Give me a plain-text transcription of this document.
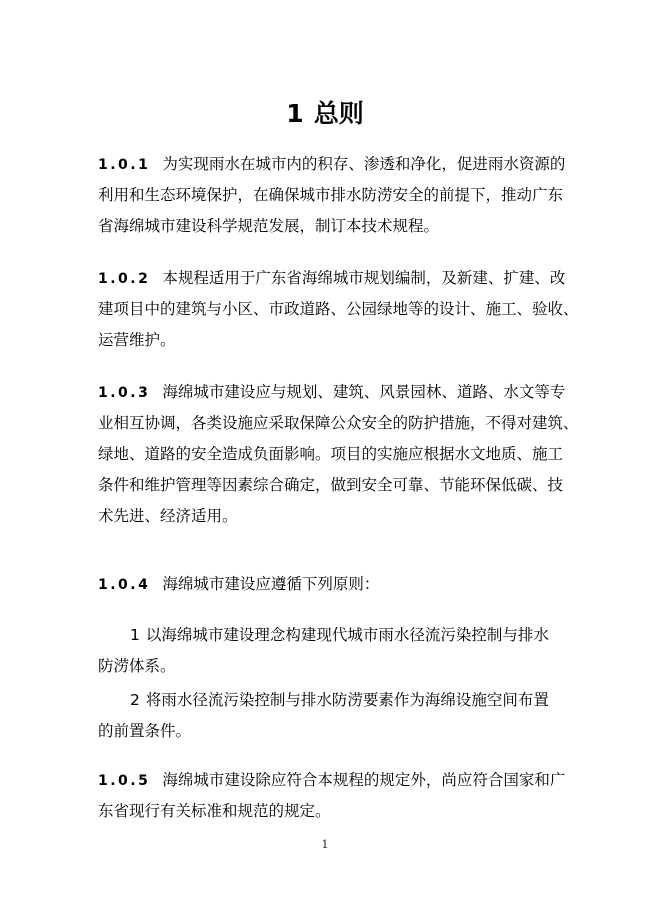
1 总则
1.0.1 为实现雨水在城市内的积存、渗透和净化，促进雨水资源的
利用和生态环境保护，在确保城市排水防涝安全的前提下，推动广东
省海绵城市建设科学规范发展，制订本技术规程。
1.0.2 本规程适用于广东省海绵城市规划编制，及新建、扩建、改
建项目中的建筑与小区、市政道路、公园绿地等的设计、施工、验收、
运营维护。
1.0.3 海绵城市建设应与规划、建筑、风景园林、道路、水文等专
业相互协调，各类设施应采取保障公众安全的防护措施，不得对建筑、
绿地、道路的安全造成负面影响。项目的实施应根据水文地质、施工
条件和维护管理等因素综合确定，做到安全可靠、节能环保低碳、技
术先进、经济适用。
1.0.4 海绵城市建设应遵循下列原则：
1 以海绵城市建设理念构建现代城市雨水径流污染控制与排水
防涝体系。
2 将雨水径流污染控制与排水防涝要素作为海绵设施空间布置
的前置条件。
1.0.5 海绵城市建设除应符合本规程的规定外，尚应符合国家和广
东省现行有关标准和规范的规定。
1
